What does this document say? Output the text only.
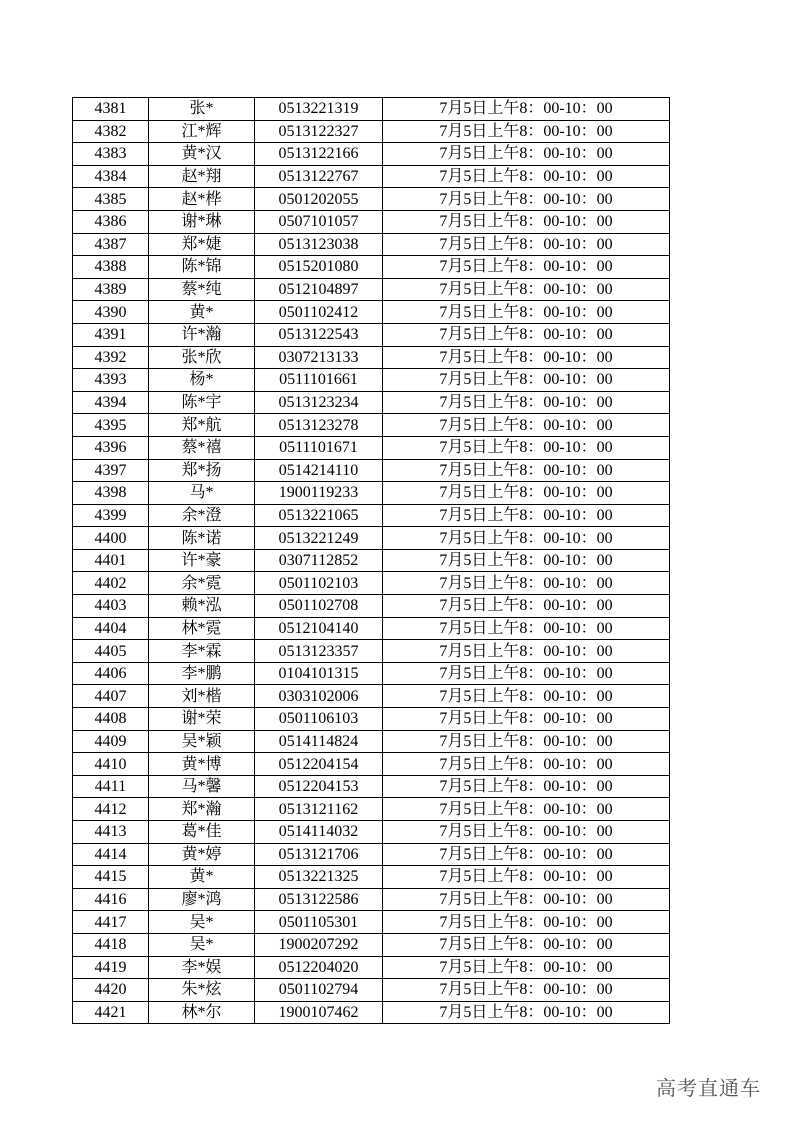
4381	张*	0513221319	7月5日上午8：00-10：00
4382	江*辉	0513122327	7月5日上午8：00-10：00
4383	黄*汉	0513122166	7月5日上午8：00-10：00
4384	赵*翔	0513122767	7月5日上午8：00-10：00
4385	赵*桦	0501202055	7月5日上午8：00-10：00
4386	谢*琳	0507101057	7月5日上午8：00-10：00
4387	郑*婕	0513123038	7月5日上午8：00-10：00
4388	陈*锦	0515201080	7月5日上午8：00-10：00
4389	蔡*纯	0512104897	7月5日上午8：00-10：00
4390	黄*	0501102412	7月5日上午8：00-10：00
4391	许*瀚	0513122543	7月5日上午8：00-10：00
4392	张*欣	0307213133	7月5日上午8：00-10：00
4393	杨*	0511101661	7月5日上午8：00-10：00
4394	陈*宇	0513123234	7月5日上午8：00-10：00
4395	郑*航	0513123278	7月5日上午8：00-10：00
4396	蔡*禧	0511101671	7月5日上午8：00-10：00
4397	郑*扬	0514214110	7月5日上午8：00-10：00
4398	马*	1900119233	7月5日上午8：00-10：00
4399	余*澄	0513221065	7月5日上午8：00-10：00
4400	陈*诺	0513221249	7月5日上午8：00-10：00
4401	许*豪	0307112852	7月5日上午8：00-10：00
4402	余*霓	0501102103	7月5日上午8：00-10：00
4403	赖*泓	0501102708	7月5日上午8：00-10：00
4404	林*霓	0512104140	7月5日上午8：00-10：00
4405	李*霖	0513123357	7月5日上午8：00-10：00
4406	李*鹏	0104101315	7月5日上午8：00-10：00
4407	刘*楷	0303102006	7月5日上午8：00-10：00
4408	谢*荣	0501106103	7月5日上午8：00-10：00
4409	吴*颖	0514114824	7月5日上午8：00-10：00
4410	黄*博	0512204154	7月5日上午8：00-10：00
4411	马*馨	0512204153	7月5日上午8：00-10：00
4412	郑*瀚	0513121162	7月5日上午8：00-10：00
4413	葛*佳	0514114032	7月5日上午8：00-10：00
4414	黄*婷	0513121706	7月5日上午8：00-10：00
4415	黄*	0513221325	7月5日上午8：00-10：00
4416	廖*鸿	0513122586	7月5日上午8：00-10：00
4417	吴*	0501105301	7月5日上午8：00-10：00
4418	吴*	1900207292	7月5日上午8：00-10：00
4419	李*娱	0512204020	7月5日上午8：00-10：00
4420	朱*炫	0501102794	7月5日上午8：00-10：00
4421	林*尔	1900107462	7月5日上午8：00-10：00
高考直通车
